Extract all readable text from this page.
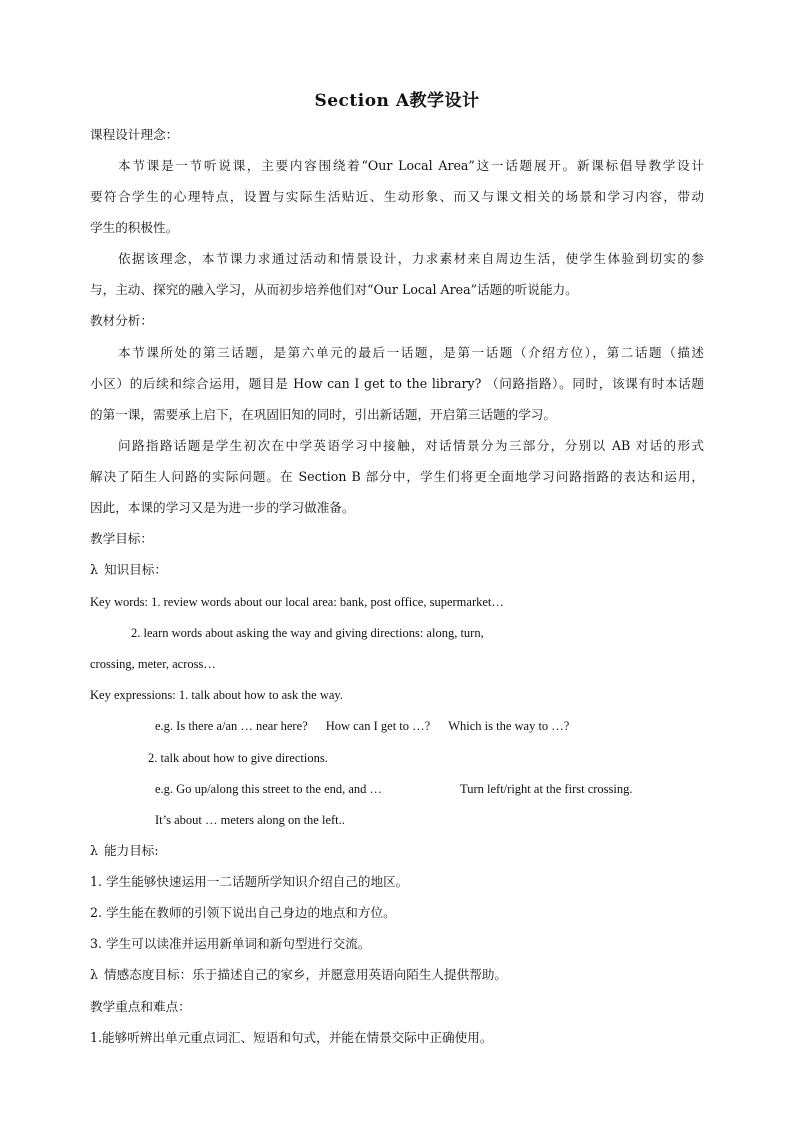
Section A教学设计
课程设计理念：
本节课是一节听说课，主要内容围绕着“Our Local Area”这一话题展开。新课标倡导教学设计
要符合学生的心理特点，设置与实际生活贴近、生动形象、而又与课文相关的场景和学习内容，带动
学生的积极性。
依据该理念，本节课力求通过活动和情景设计，力求素材来自周边生活，使学生体验到切实的参
与，主动、探究的融入学习，从而初步培养他们对“Our Local Area”话题的听说能力。
教材分析：
本节课所处的第三话题，是第六单元的最后一话题，是第一话题（介绍方位），第二话题（描述
小区）的后续和综合运用，题目是 How can I get to the library? （问路指路）。同时，该课有时本话题
的第一课，需要承上启下，在巩固旧知的同时，引出新话题，开启第三话题的学习。
问路指路话题是学生初次在中学英语学习中接触，对话情景分为三部分，分别以 AB 对话的形式
解决了陌生人问路的实际问题。在 Section B 部分中，学生们将更全面地学习问路指路的表达和运用，
因此，本课的学习又是为进一步的学习做准备。
教学目标：
λ 知识目标：
Key words: 1. review words about our local area: bank, post office, supermarket…
2. learn words about asking the way and giving directions: along, turn,
crossing, meter, across…
Key expressions: 1. talk about how to ask the way.
e.g. Is there a/an … near here? How can I get to …? Which is the way to …?
2. talk about how to give directions.
e.g. Go up/along this street to the end, and …	Turn left/right at the first crossing.
It’s about … meters along on the left..
λ 能力目标:
1. 学生能够快速运用一二话题所学知识介绍自己的地区。
2. 学生能在教师的引领下说出自己身边的地点和方位。
3. 学生可以读准并运用新单词和新句型进行交流。
λ 情感态度目标：乐于描述自己的家乡，并愿意用英语向陌生人提供帮助。
教学重点和难点：
1.能够听辨出单元重点词汇、短语和句式，并能在情景交际中正确使用。
